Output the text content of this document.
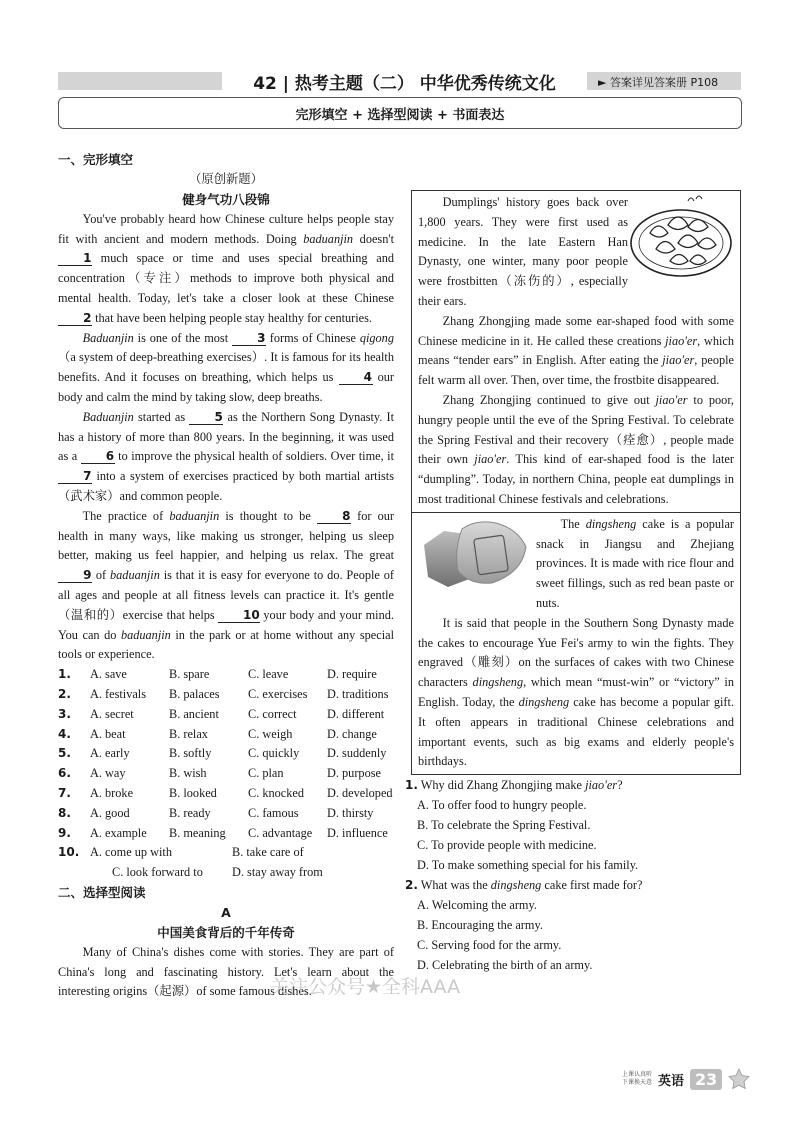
42 | 热考主题（二） 中华优秀传统文化	► 答案详见答案册 P108
完形填空 + 选择型阅读 + 书面表达
一、完形填空
（原创新题）
健身气功八段锦

You've probably heard how Chinese culture helps people stay fit with ancient and modern methods. Doing baduanjin doesn't 1 much space or time and uses special breathing and concentration（专注）methods to improve both physical and mental health. Today, let's take a closer look at these Chinese 2 that have been helping people stay healthy for centuries.

Baduanjin is one of the most 3 forms of Chinese qigong（a system of deep-breathing exercises）. It is famous for its health benefits. And it focuses on breathing, which helps us 4 our body and calm the mind by taking slow, deep breaths.

Baduanjin started as 5 as the Northern Song Dynasty. It has a history of more than 800 years. In the beginning, it was used as a 6 to improve the physical health of soldiers. Over time, it 7 into a system of exercises practiced by both martial artists（武术家）and common people.

The practice of baduanjin is thought to be 8 for our health in many ways, like making us stronger, helping us sleep better, making us feel happier, and helping us relax. The great 9 of baduanjin is that it is easy for everyone to do. People of all ages and people at all fitness levels can practice it. It's gentle（温和的）exercise that helps 10 your body and your mind. You can do baduanjin in the park or at home without any special tools or experience.

1.	A. save	B. spare	C. leave	D. require
2.	A. festivals	B. palaces	C. exercises	D. traditions
3.	A. secret	B. ancient	C. correct	D. different
4.	A. beat	B. relax	C. weigh	D. change
5.	A. early	B. softly	C. quickly	D. suddenly
6.	A. way	B. wish	C. plan	D. purpose
7.	A. broke	B. looked	C. knocked	D. developed
8.	A. good	B. ready	C. famous	D. thirsty
9.	A. example	B. meaning	C. advantage	D. influence
10. A. come up with	B. take care of
C. look forward to	D. stay away from
二、选择型阅读
A
中国美食背后的千年传奇

Many of China's dishes come with stories. They are part of China's long and fascinating history. Let's learn about the interesting origins（起源）of some famous dishes.

Dumplings' history goes back over 1,800 years. They were first used as medicine. In the late Eastern Han Dynasty, one winter, many poor people were frostbitten（冻伤的）, especially their ears.

Zhang Zhongjing made some ear-shaped food with some Chinese medicine in it. He called these creations jiao'er, which means “tender ears” in English. After eating the jiao'er, people felt warm all over. Then, over time, the frostbite disappeared.

Zhang Zhongjing continued to give out jiao'er to poor, hungry people until the eve of the Spring Festival. To celebrate the Spring Festival and their recovery（痊愈）, people made their own jiao'er. This kind of ear-shaped food is the later “dumpling”. Today, in northern China, people eat dumplings in most traditional Chinese festivals and celebrations.

The dingsheng cake is a popular snack in Jiangsu and Zhejiang provinces. It is made with rice flour and sweet fillings, such as red bean paste or nuts.

It is said that people in the Southern Song Dynasty made the cakes to encourage Yue Fei's army to win the fights. They engraved（雕刻）on the surfaces of cakes with two Chinese characters dingsheng, which mean “must-win” or “victory” in English. Today, the dingsheng cake has become a popular gift. It often appears in traditional Chinese celebrations and important events, such as big exams and elderly people's birthdays.

1. Why did Zhang Zhongjing make jiao'er?
A. To offer food to hungry people.
B. To celebrate the Spring Festival.
C. To provide people with medicine.
D. To make something special for his family.
2. What was the dingsheng cake first made for?
A. Welcoming the army.
B. Encouraging the army.
C. Serving food for the army.
D. Celebrating the birth of an army.
关注公众号★全科AAA
上课认真听
下课换天意 英语 23
